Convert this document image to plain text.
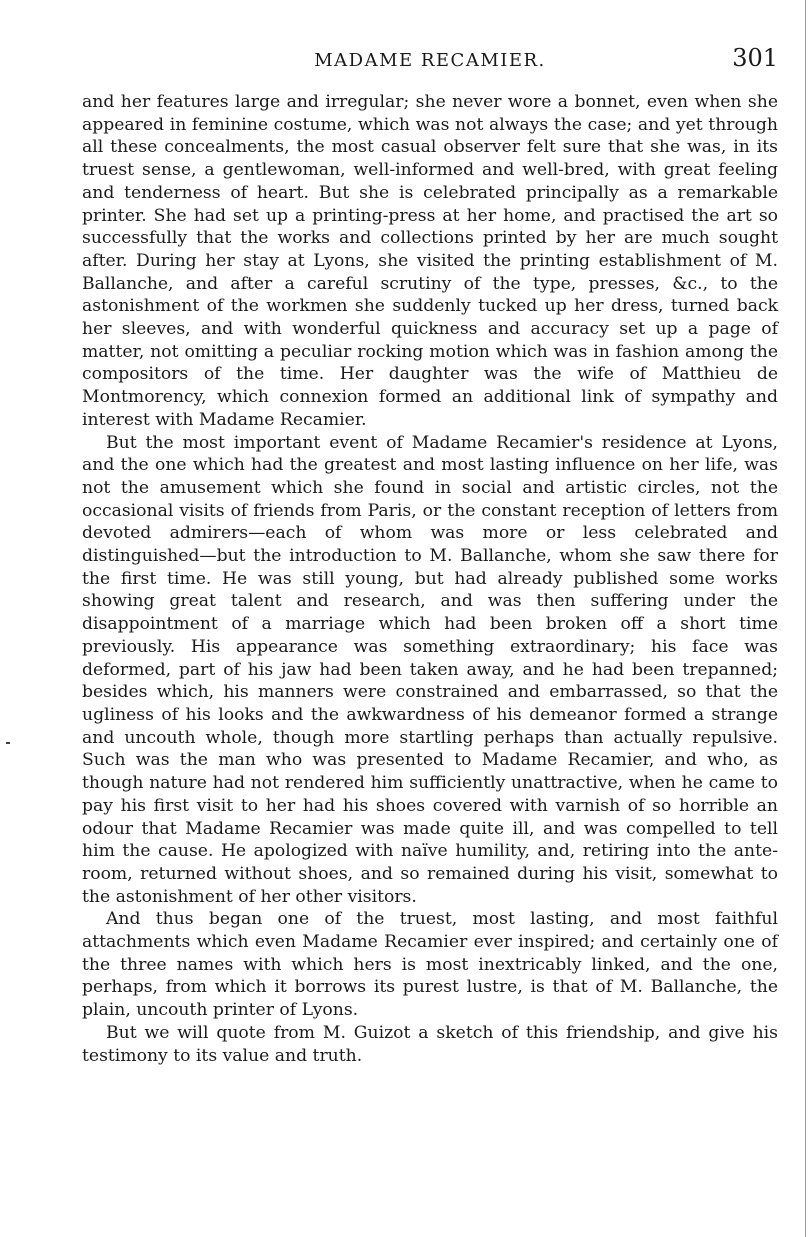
MADAME RECAMIER.	301

and her features large and irregular; she never wore a bonnet, even when she appeared in feminine costume, which was not always the case; and yet through all these concealments, the most casual observer felt sure that she was, in its truest sense, a gentlewoman, well-informed and well-bred, with great feeling and tenderness of heart. But she is celebrated principally as a remarkable printer. She had set up a printing-press at her home, and practised the art so successfully that the works and collections printed by her are much sought after. During her stay at Lyons, she visited the printing establishment of M. Ballanche, and after a careful scrutiny of the type, presses, &c., to the astonishment of the workmen she suddenly tucked up her dress, turned back her sleeves, and with wonderful quickness and accuracy set up a page of matter, not omitting a peculiar rocking motion which was in fashion among the compositors of the time. Her daughter was the wife of Matthieu de Montmorency, which connexion formed an additional link of sympathy and interest with Madame Recamier.

But the most important event of Madame Recamier's residence at Lyons, and the one which had the greatest and most lasting influence on her life, was not the amusement which she found in social and artistic circles, not the occasional visits of friends from Paris, or the constant reception of letters from devoted admirers—each of whom was more or less celebrated and distinguished—but the introduction to M. Ballanche, whom she saw there for the first time. He was still young, but had already published some works showing great talent and research, and was then suffering under the disappointment of a marriage which had been broken off a short time previously. His appearance was something extraordinary; his face was deformed, part of his jaw had been taken away, and he had been trepanned; besides which, his manners were constrained and embarrassed, so that the ugliness of his looks and the awkwardness of his demeanor formed a strange and uncouth whole, though more startling perhaps than actually repulsive. Such was the man who was presented to Madame Recamier, and who, as though nature had not rendered him sufficiently unattractive, when he came to pay his first visit to her had his shoes covered with varnish of so horrible an odour that Madame Recamier was made quite ill, and was compelled to tell him the cause. He apologized with naïve humility, and, retiring into the ante-room, returned without shoes, and so remained during his visit, somewhat to the astonishment of her other visitors.

And thus began one of the truest, most lasting, and most faithful attachments which even Madame Recamier ever inspired; and certainly one of the three names with which hers is most inextricably linked, and the one, perhaps, from which it borrows its purest lustre, is that of M. Ballanche, the plain, uncouth printer of Lyons.

But we will quote from M. Guizot a sketch of this friendship, and give his testimony to its value and truth.
